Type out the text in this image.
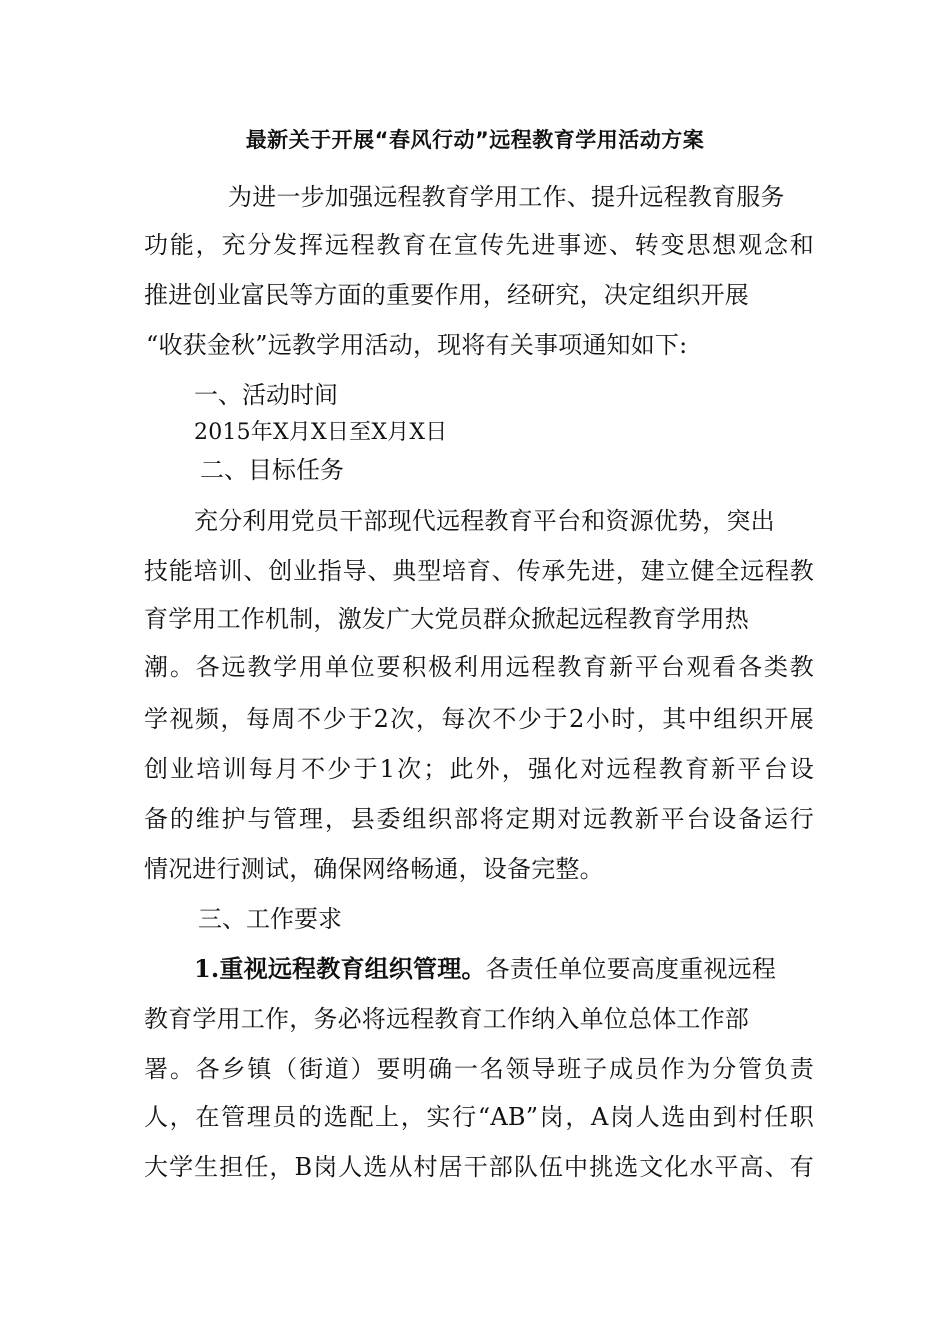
最新关于开展“春风行动”远程教育学用活动方案
为进一步加强远程教育学用工作、提升远程教育服务
功能，充分发挥远程教育在宣传先进事迹、转变思想观念和
推进创业富民等方面的重要作用，经研究，决定组织开展
“收获金秋”远教学用活动，现将有关事项通知如下:
一、活动时间
2015年X月X日至X月X日
二、目标任务
充分利用党员干部现代远程教育平台和资源优势，突出
技能培训、创业指导、典型培育、传承先进，建立健全远程教
育学用工作机制，激发广大党员群众掀起远程教育学用热
潮。各远教学用单位要积极利用远程教育新平台观看各类教
学视频，每周不少于2次，每次不少于2小时，其中组织开展
创业培训每月不少于1次；此外，强化对远程教育新平台设
备的维护与管理，县委组织部将定期对远教新平台设备运行
情况进行测试，确保网络畅通，设备完整。
三、工作要求
1.重视远程教育组织管理。各责任单位要高度重视远程
教育学用工作，务必将远程教育工作纳入单位总体工作部
署。各乡镇（街道）要明确一名领导班子成员作为分管负责
人，在管理员的选配上，实行“AB”岗，A岗人选由到村任职
大学生担任，B岗人选从村居干部队伍中挑选文化水平高、有
